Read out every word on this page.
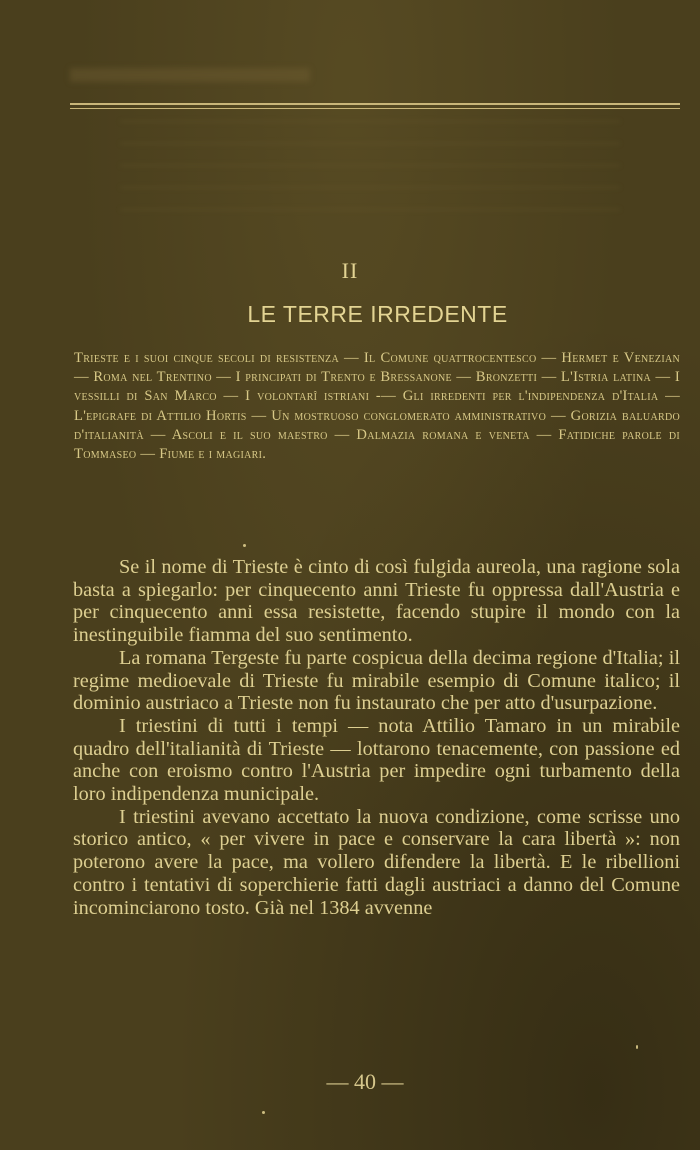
II
LE TERRE IRREDENTE
Trieste e i suoi cinque secoli di resistenza — Il Comune quattrocentesco — Hermet e Venezian — Roma nel Trentino — I principati di Trento e Bressanone — Bronzetti — L'Istria latina — I vessilli di San Marco — I volontarî istriani -— Gli irredenti per l'indipendenza d'Italia — L'epigrafe di Attilio Hortis — Un mostruoso conglomerato amministrativo — Gorizia baluardo d'italianità — Ascoli e il suo maestro — Dalmazia romana e veneta — Fatidiche parole di Tommaseo — Fiume e i magiari.

Se il nome di Trieste è cinto di così fulgida aureola, una ragione sola basta a spiegarlo: per cinquecento anni Trieste fu oppressa dall'Austria e per cinquecento anni essa resistette, facendo stupire il mondo con la inestinguibile fiamma del suo sentimento.

La romana Tergeste fu parte cospicua della decima regione d'Italia; il regime medioevale di Trieste fu mirabile esempio di Comune italico; il dominio austriaco a Trieste non fu instaurato che per atto d'usurpazione.

I triestini di tutti i tempi — nota Attilio Tamaro in un mirabile quadro dell'italianità di Trieste — lottarono tenacemente, con passione ed anche con eroismo contro l'Austria per impedire ogni turbamento della loro indipendenza municipale.

I triestini avevano accettato la nuova condizione, come scrisse uno storico antico, « per vivere in pace e conservare la cara libertà »: non poterono avere la pace, ma vollero difendere la libertà. E le ribellioni contro i tentativi di soperchierie fatti dagli austriaci a danno del Comune incominciarono tosto. Già nel 1384 avvenne

— 40 —
